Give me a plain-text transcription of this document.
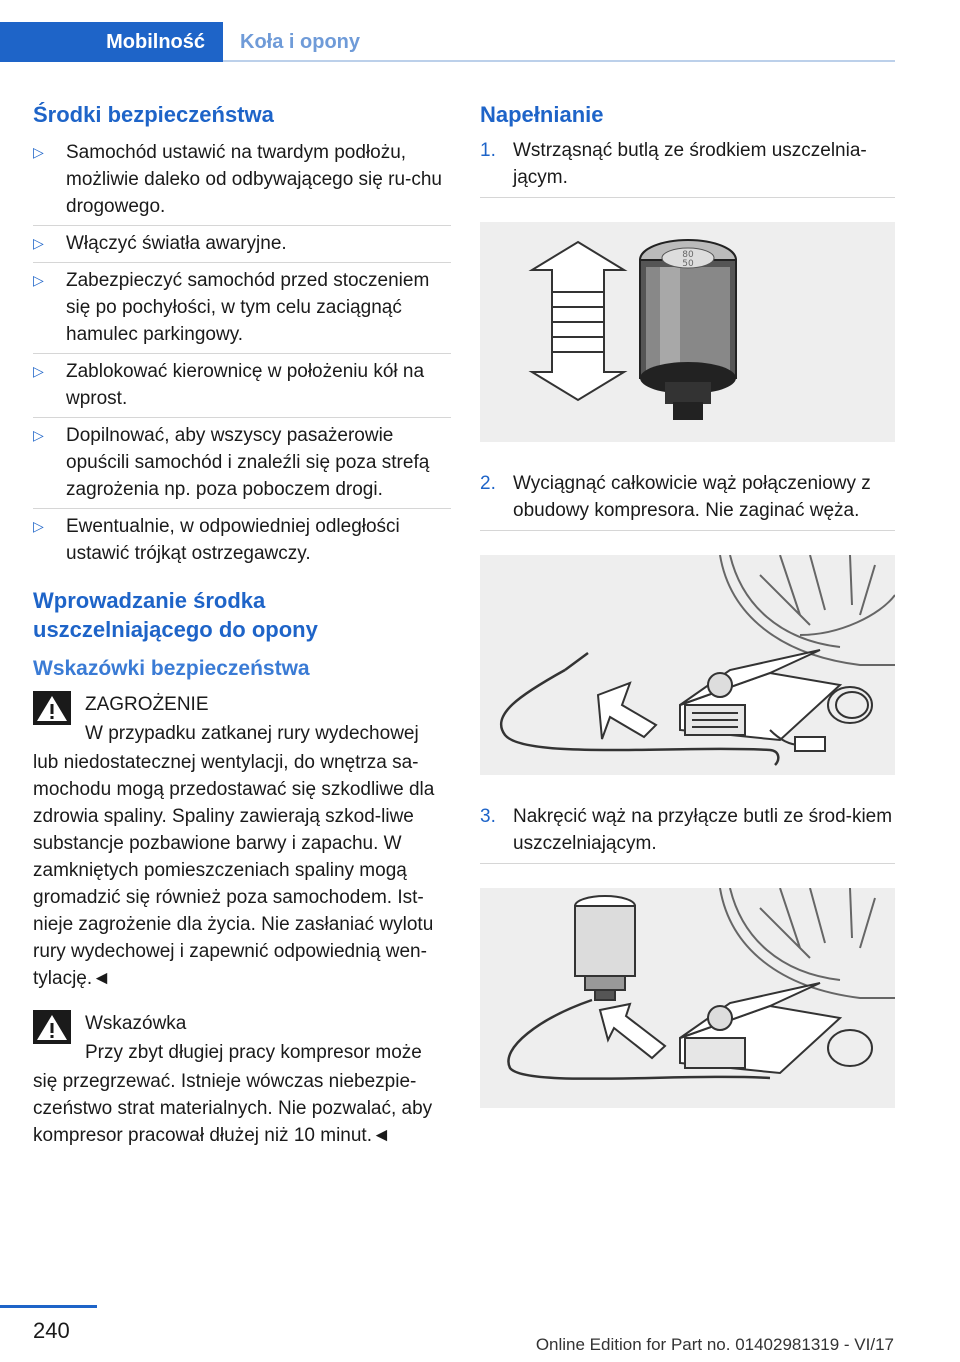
Mobilność	Koła i opony
Środki bezpieczeństwa
▷ Samochód ustawić na twardym podłożu, możliwie daleko od odbywającego się ru-chu drogowego.
▷ Włączyć światła awaryjne.
▷ Zabezpieczyć samochód przed stoczeniem się po pochyłości, w tym celu zaciągnąć hamulec parkingowy.
▷ Zablokować kierownicę w położeniu kół na wprost.
▷ Dopilnować, aby wszyscy pasażerowie opuścili samochód i znaleźli się poza strefą zagrożenia np. poza poboczem drogi.
▷ Ewentualnie, w odpowiedniej odległości ustawić trójkąt ostrzegawczy.
Wprowadzanie środka uszczelniającego do opony
Wskazówki bezpieczeństwa
ZAGROŻENIE
W przypadku zatkanej rury wydechowej
lub niedostatecznej wentylacji, do wnętrza sa-mochodu mogą przedostawać się szkodliwe dla zdrowia spaliny. Spaliny zawierają szkod-liwe substancje pozbawione barwy i zapachu. W zamkniętych pomieszczeniach spaliny mogą gromadzić się również poza samochodem. Ist-nieje zagrożenie dla życia. Nie zasłaniać wylotu rury wydechowej i zapewnić odpowiednią wen-tylację.◄
Wskazówka
Przy zbyt długiej pracy kompresor może
się przegrzewać. Istnieje wówczas niebezpie-czeństwo strat materialnych. Nie pozwalać, aby kompresor pracował dłużej niż 10 minut.◄
Napełnianie
1. Wstrząsnąć butlą ze środkiem uszczelnia-jącym.
80
50
2. Wyciągnąć całkowicie wąż połączeniowy z obudowy kompresora. Nie zaginać węża.
3. Nakręcić wąż na przyłącze butli ze środ-kiem uszczelniającym.
240
Online Edition for Part no. 01402981319 - VI/17
